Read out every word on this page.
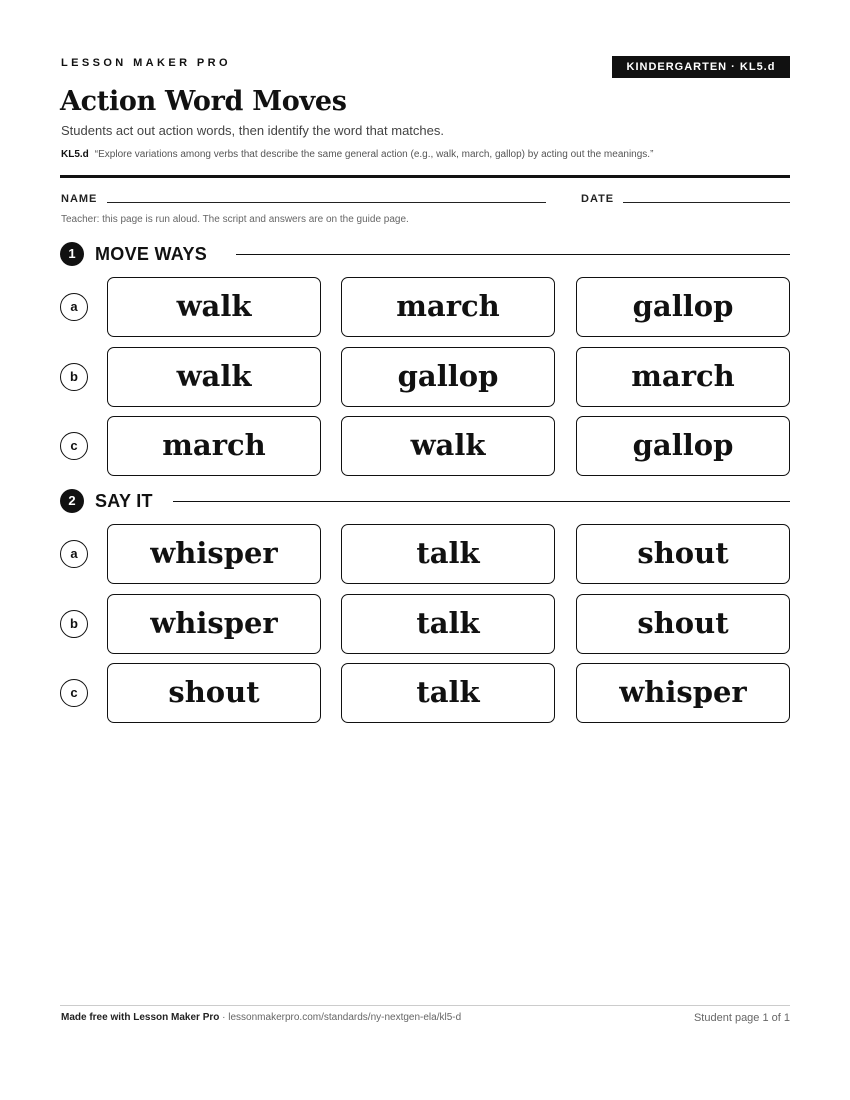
LESSON MAKER PRO	KINDERGARTEN · KL5.d
Action Word Moves
Students act out action words, then identify the word that matches.
KL5.d “Explore variations among verbs that describe the same general action (e.g., walk, march, gallop) by acting out the meanings.”
NAME	DATE
Teacher: this page is run aloud. The script and answers are on the guide page.
1	MOVE WAYS
a	walk	march	gallop
b	walk	gallop	march
c	march	walk	gallop
2	SAY IT
a	whisper	talk	shout
b	whisper	talk	shout
c	shout	talk	whisper
Made free with Lesson Maker Pro · lessonmakerpro.com/standards/ny-nextgen-ela/kl5-d	Student page 1 of 1
